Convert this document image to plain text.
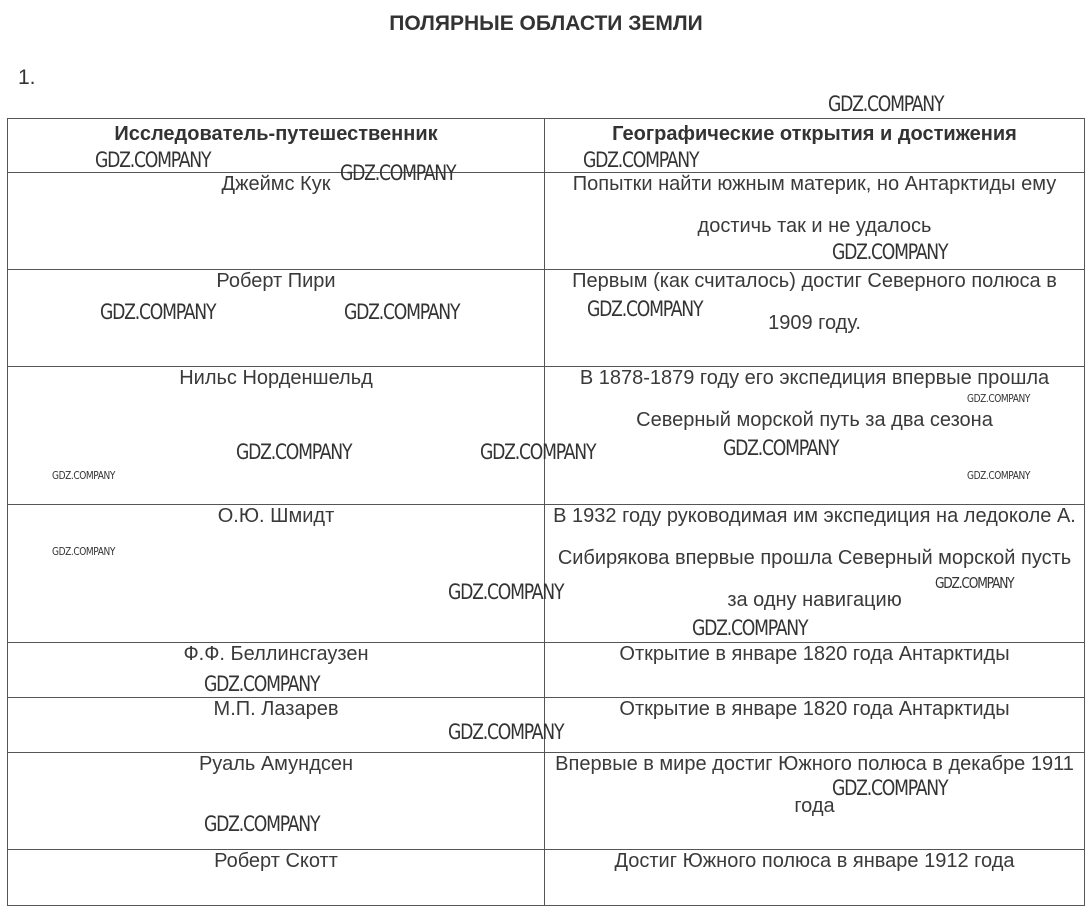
ПОЛЯРНЫЕ ОБЛАСТИ ЗЕМЛИ
1.
Исследователь-путешественник	Географические открытия и достижения

Джеймс Кук	Попытки найти южным материк, но Антарктиды ему достичь так и не удалось

Роберт Пири	Первым (как считалось) достиг Северного полюса в 1909 году.

Нильс Норденшельд	В 1878-1879 году его экспедиция впервые прошла Северный морской путь за два сезона

О.Ю. Шмидт	В 1932 году руководимая им экспедиция на ледоколе А. Сибирякова впервые прошла Северный морской пусть за одну навигацию

Ф.Ф. Беллинсгаузен	Открытие в январе 1820 года Антарктиды

М.П. Лазарев	Открытие в январе 1820 года Антарктиды

Руаль Амундсен	Впервые в мире достиг Южного полюса в декабре 1911 года

Роберт Скотт	Достиг Южного полюса в январе 1912 года
GDZ.COMPANY
GDZ.COMPANY	GDZ.COMPANY
GDZ.COMPANY
GDZ.COMPANY
GDZ.COMPANY	GDZ.COMPANY	GDZ.COMPANY
GDZ.COMPANY
GDZ.COMPANY	GDZ.COMPANY	GDZ.COMPANY
GDZ.COMPANY	GDZ.COMPANY
GDZ.COMPANY
GDZ.COMPANY
GDZ.COMPANY
GDZ.COMPANY
GDZ.COMPANY
GDZ.COMPANY
GDZ.COMPANY
GDZ.COMPANY
